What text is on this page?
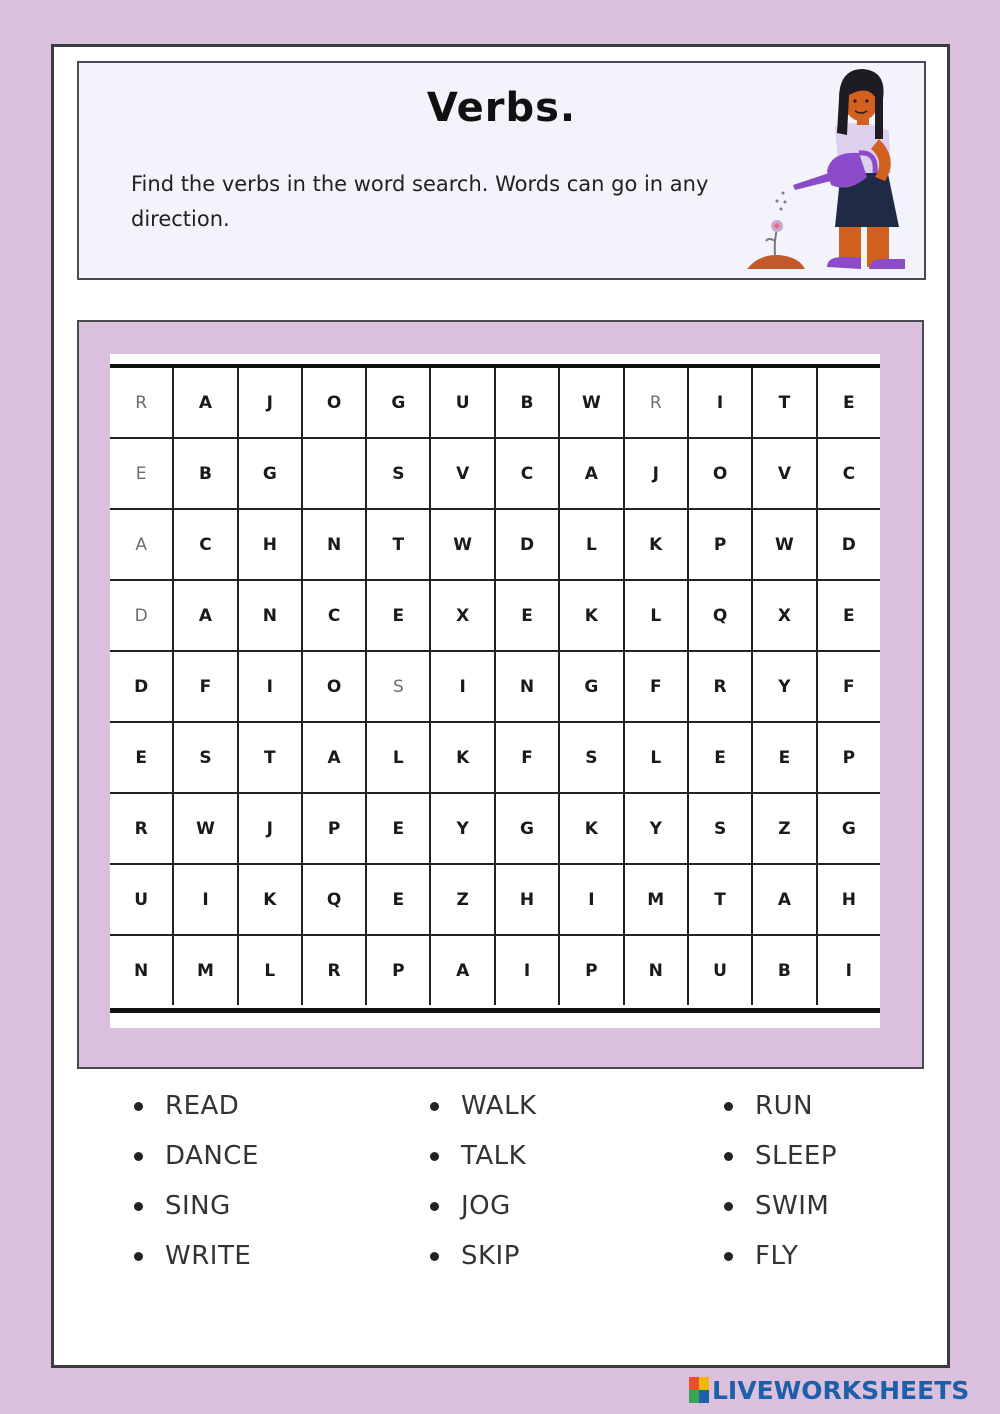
Verbs.
Find the verbs in the word search. Words can go in any direction.
R	A	J	O	G	U	B	W	R	I	T	E
E	B	G		S	V	C	A	J	O	V	C
A	C	H	N	T	W	D	L	K	P	W	D
D	A	N	C	E	X	E	K	L	Q	X	E
D	F	I	O	S	I	N	G	F	R	Y	F
E	S	T	A	L	K	F	S	L	E	E	P
R	W	J	P	E	Y	G	K	Y	S	Z	G
U	I	K	Q	E	Z	H	I	M	T	A	H
N	M	L	R	P	A	I	P	N	U	B	I
READ
DANCE
SING
WRITE
WALK
TALK
JOG
SKIP
RUN
SLEEP
SWIM
FLY
LIVEWORKSHEETS
